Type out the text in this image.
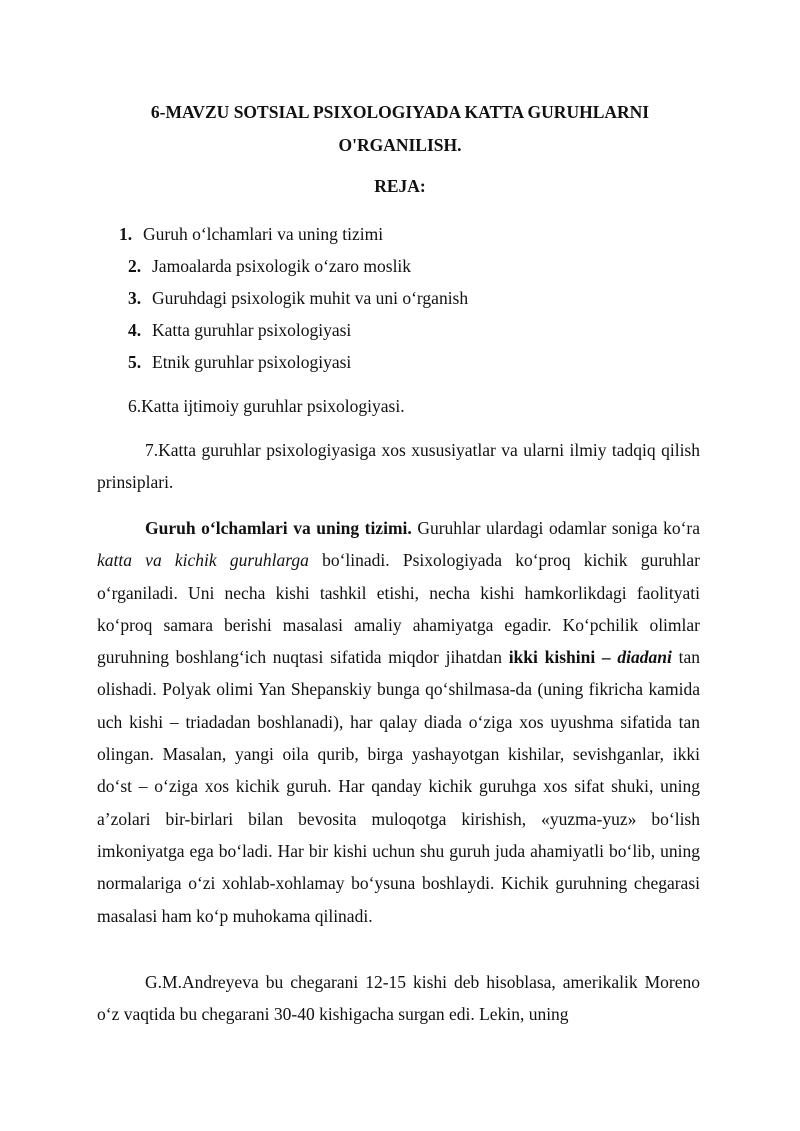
6-MAVZU SOTSIAL PSIXOLOGIYADA KATTA GURUHLARNI O'RGANILISH.
REJA:
1. Guruh o‘lchamlari va uning tizimi
2. Jamoalarda psixologik o‘zaro moslik
3. Guruhdagi psixologik muhit va uni o‘rganish
4. Katta guruhlar psixologiyasi
5. Etnik guruhlar psixologiyasi
6.Katta ijtimoiy guruhlar psixologiyasi.

7.Katta guruhlar psixologiyasiga xos xususiyatlar va ularni ilmiy tadqiq qilish prinsiplari.

Guruh o‘lchamlari va uning tizimi. Guruhlar ulardagi odamlar soniga ko‘ra katta va kichik guruhlarga bo‘linadi. Psixologiyada ko‘proq kichik guruhlar o‘rganiladi. Uni necha kishi tashkil etishi, necha kishi hamkorlikdagi faolityati ko‘proq samara berishi masalasi amaliy ahamiyatga egadir. Ko‘pchilik olimlar guruhning boshlang‘ich nuqtasi sifatida miqdor jihatdan ikki kishini – diadani tan olishadi. Polyak olimi Yan Shepanskiy bunga qo‘shilmasa-da (uning fikricha kamida uch kishi – triadadan boshlanadi), har qalay diada o‘ziga xos uyushma sifatida tan olingan. Masalan, yangi oila qurib, birga yashayotgan kishilar, sevishganlar, ikki do‘st – o‘ziga xos kichik guruh. Har qanday kichik guruhga xos sifat shuki, uning a’zolari bir-birlari bilan bevosita muloqotga kirishish, «yuzma-yuz» bo‘lish imkoniyatga ega bo‘ladi. Har bir kishi uchun shu guruh juda ahamiyatli bo‘lib, uning normalariga o‘zi xohlab-xohlamay bo‘ysuna boshlaydi. Kichik guruhning chegarasi masalasi ham ko‘p muhokama qilinadi.

G.M.Andreyeva bu chegarani 12-15 kishi deb hisoblasa, amerikalik Moreno o‘z vaqtida bu chegarani 30-40 kishigacha surgan edi. Lekin, uning
